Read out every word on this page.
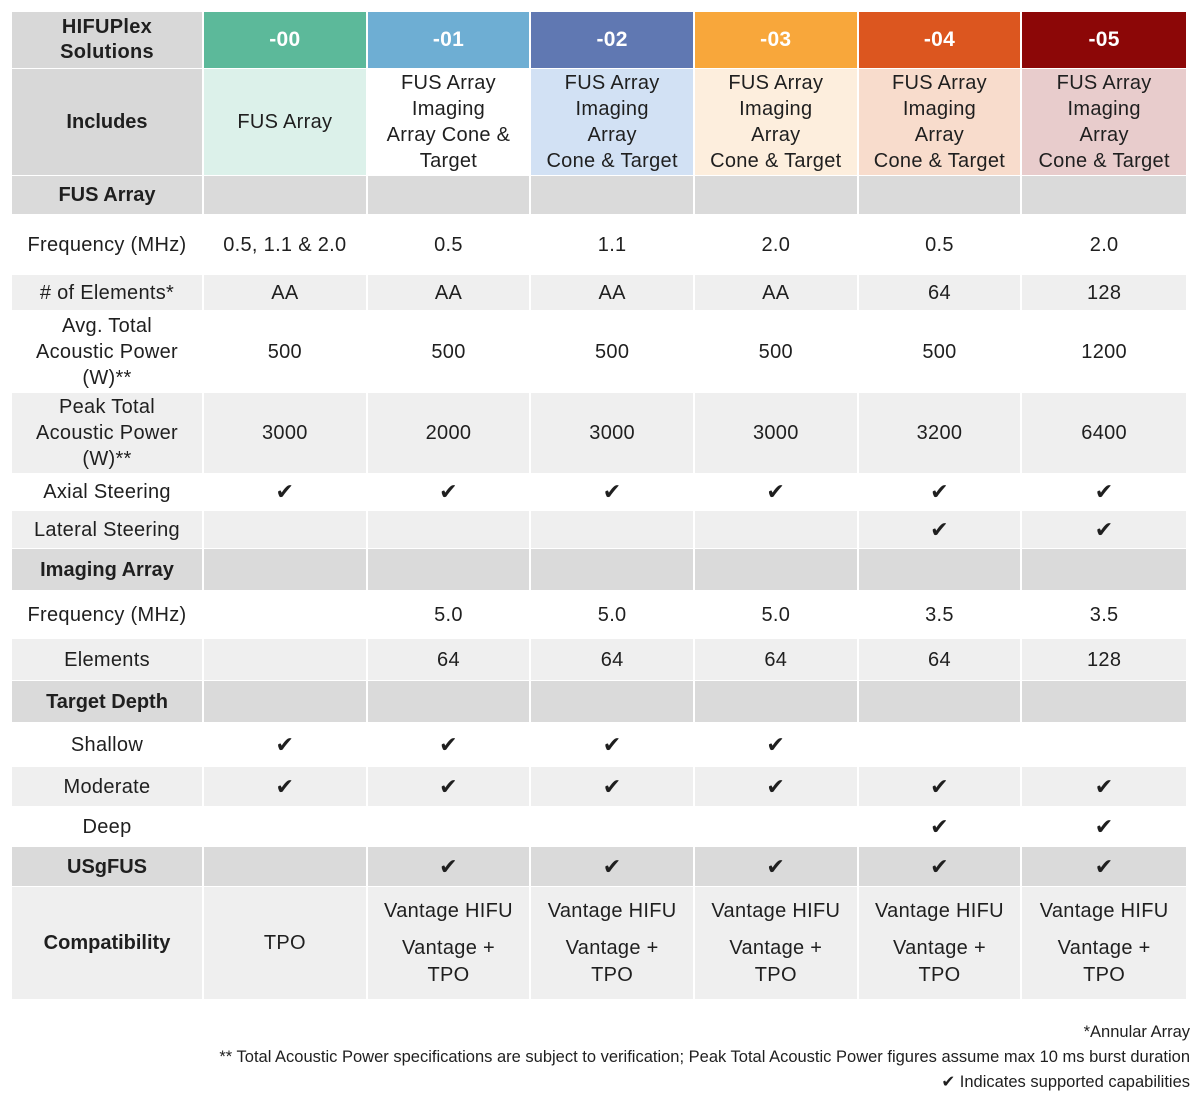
HIFUPlex
Solutions	-00	-01	-02	-03	-04	-05
Includes	FUS Array	FUS Array
Imaging
Array Cone &
Target	FUS Array
Imaging
Array
Cone & Target	FUS Array
Imaging
Array
Cone & Target	FUS Array
Imaging
Array
Cone & Target	FUS Array
Imaging
Array
Cone & Target
FUS Array						
Frequency (MHz)	0.5, 1.1 & 2.0	0.5	1.1	2.0	0.5	2.0
# of Elements*	AA	AA	AA	AA	64	128
Avg. Total
Acoustic Power
(W)**	500	500	500	500	500	1200
Peak Total
Acoustic Power
(W)**	3000	2000	3000	3000	3200	6400
Axial Steering	✔	✔	✔	✔	✔	✔
Lateral Steering					✔	✔
Imaging Array						
Frequency (MHz)		5.0	5.0	5.0	3.5	3.5
Elements		64	64	64	64	128
Target Depth						
Shallow	✔	✔	✔	✔		
Moderate	✔	✔	✔	✔	✔	✔
Deep					✔	✔
USgFUS		✔	✔	✔	✔	✔
Compatibility	TPO	Vantage HIFU
Vantage +
TPO	Vantage HIFU
Vantage +
TPO	Vantage HIFU
Vantage +
TPO	Vantage HIFU
Vantage +
TPO	Vantage HIFU
Vantage +
TPO
*Annular Array
** Total Acoustic Power specifications are subject to verification; Peak Total Acoustic Power figures assume max 10 ms burst duration
✔ Indicates supported capabilities
